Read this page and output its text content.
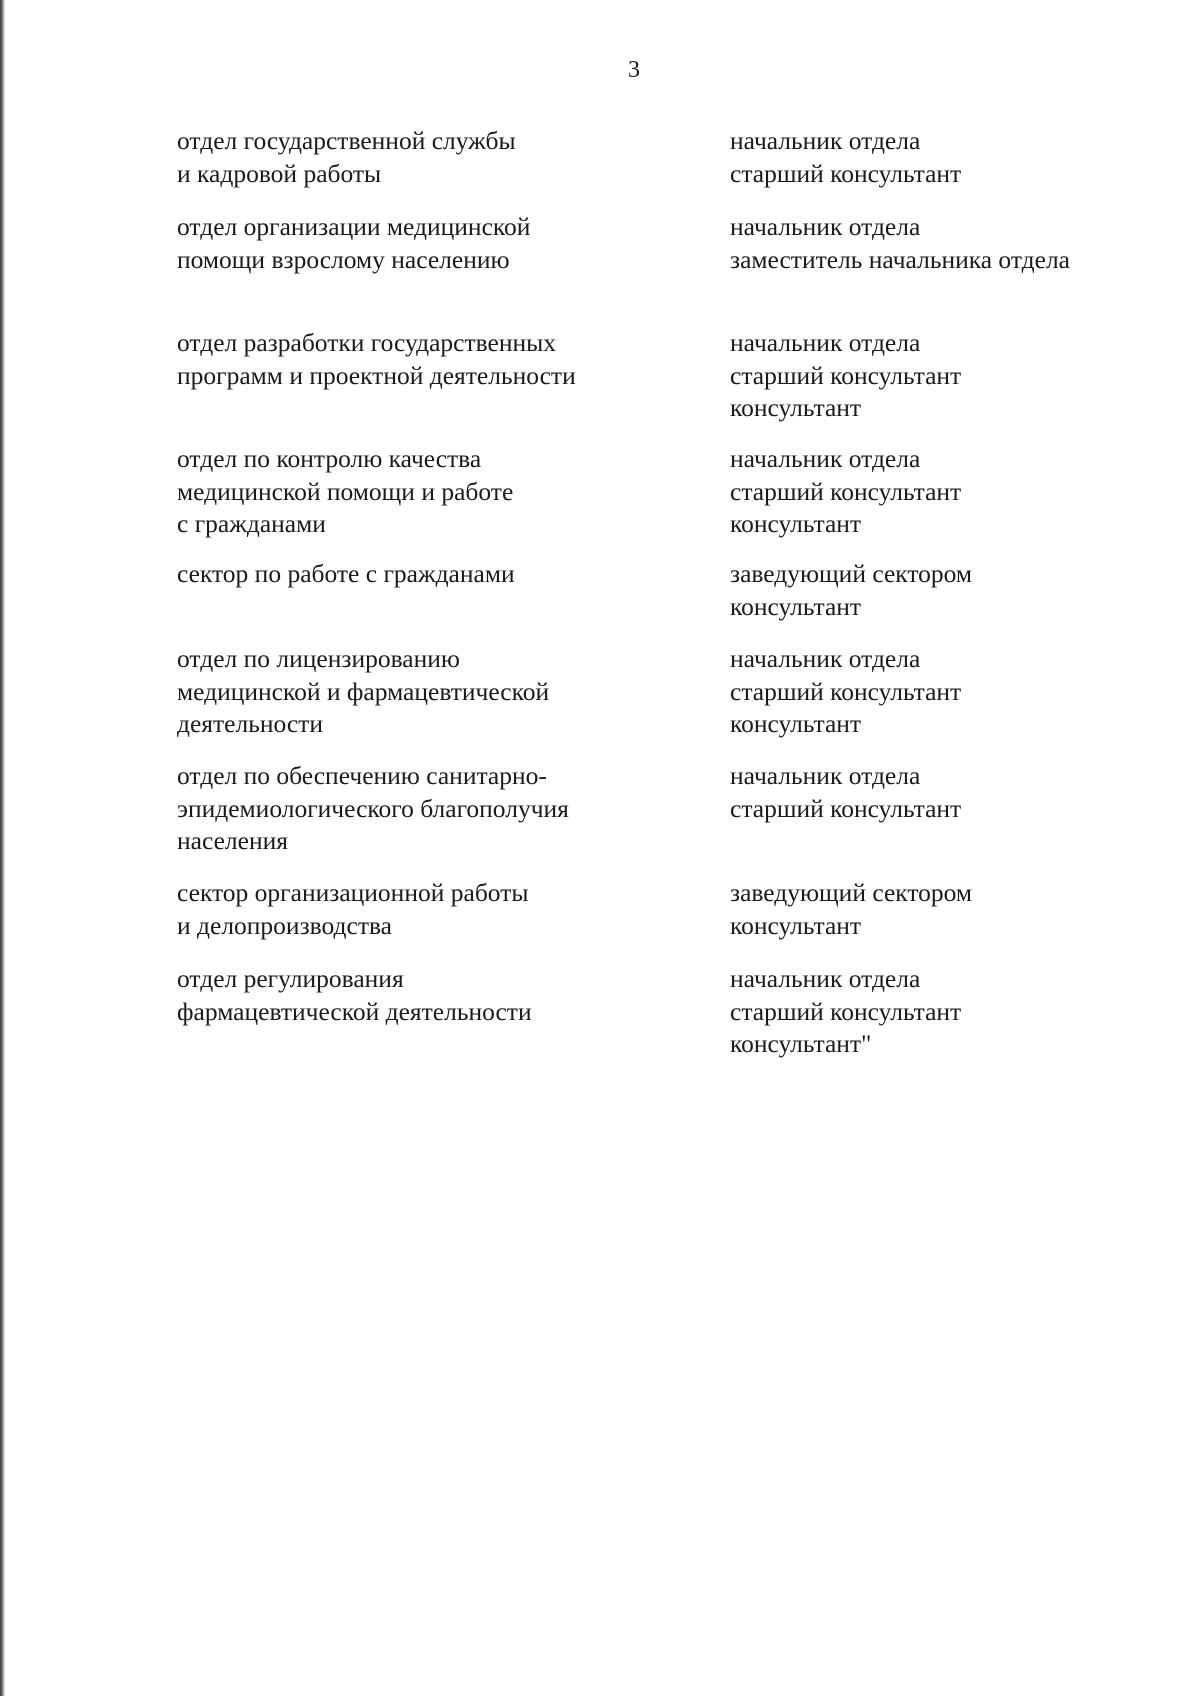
3
отдел государственной службы
и кадровой работы
начальник отдела
старший консультант
отдел организации медицинской
помощи взрослому населению
начальник отдела
заместитель начальника отдела
отдел разработки государственных
программ и проектной деятельности
начальник отдела
старший консультант
консультант
отдел по контролю качества
медицинской помощи и работе
с гражданами
начальник отдела
старший консультант
консультант
сектор по работе с гражданами	заведующий сектором
консультант
отдел по лицензированию
медицинской и фармацевтической
деятельности
начальник отдела
старший консультант
консультант
отдел по обеспечению санитарно-
эпидемиологического благополучия
населения
начальник отдела
старший консультант
сектор организационной работы
и делопроизводства
заведующий сектором
консультант
отдел регулирования
фармацевтической деятельности
начальник отдела
старший консультант
консультант"
